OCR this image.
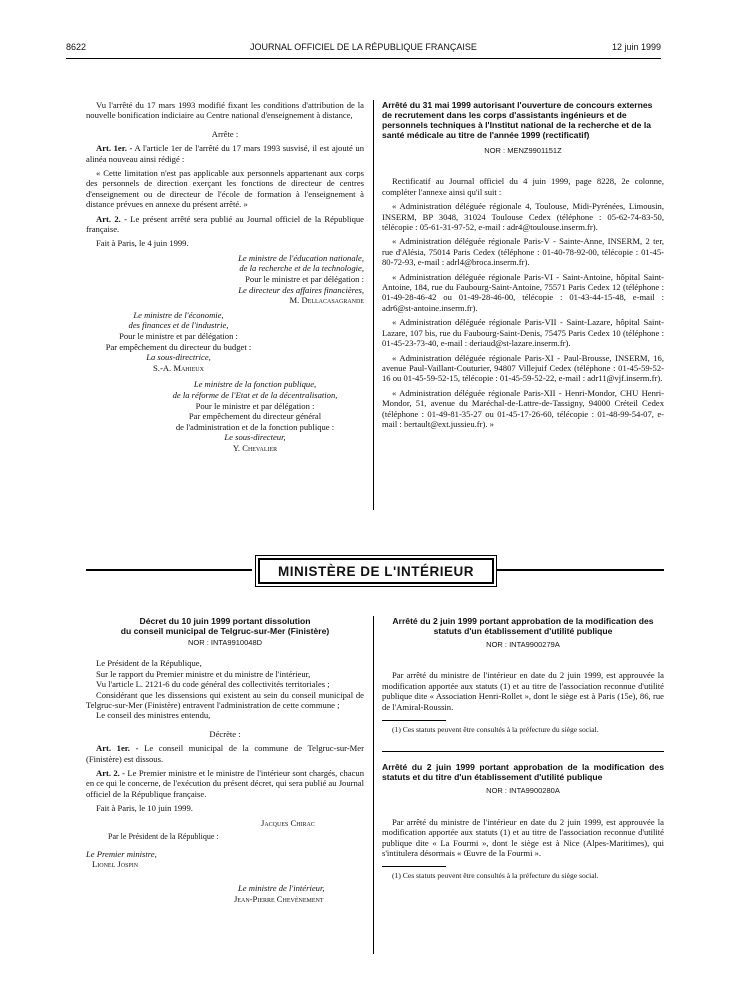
8622	JOURNAL OFFICIEL DE LA RÉPUBLIQUE FRANÇAISE	12 juin 1999

Vu l'arrêté du 17 mars 1993 modifié fixant les conditions d'attribution de la nouvelle bonification indiciaire au Centre national d'enseignement à distance,

Arrête :

Art. 1er. - A l'article 1er de l'arrêté du 17 mars 1993 susvisé, il est ajouté un alinéa nouveau ainsi rédigé :

« Cette limitation n'est pas applicable aux personnels appartenant aux corps des personnels de direction exerçant les fonctions de directeur de centres d'enseignement ou de directeur de l'école de formation à l'enseignement à distance prévues en annexe du présent arrêté. »

Art. 2. - Le présent arrêté sera publié au Journal officiel de la République française.

Fait à Paris, le 4 juin 1999.

Le ministre de l'éducation nationale,
de la recherche et de la technologie,
Pour le ministre et par délégation :
Le directeur des affaires financières,
M. Dellacasagrande
Le ministre de l'économie,
des finances et de l'industrie,
Pour le ministre et par délégation :
Par empêchement du directeur du budget :
La sous-directrice,
S.-A. Mahieux
Le ministre de la fonction publique,
de la réforme de l'Etat et de la décentralisation,
Pour le ministre et par délégation :
Par empêchement du directeur général
de l'administration et de la fonction publique :
Le sous-directeur,
Y. Chevalier
Arrêté du 31 mai 1999 autorisant l'ouverture de concours externes de recrutement dans les corps d'assistants ingénieurs et de personnels techniques à l'Institut national de la recherche et de la santé médicale au titre de l'année 1999 (rectificatif)
NOR : MENZ9901151Z

Rectificatif au Journal officiel du 4 juin 1999, page 8228, 2e colonne, compléter l'annexe ainsi qu'il suit :

« Administration déléguée régionale 4, Toulouse, Midi-Pyrénées, Limousin, INSERM, BP 3048, 31024 Toulouse Cedex (téléphone : 05-62-74-83-50, télécopie : 05-61-31-97-52, e-mail : adr4@toulouse.inserm.fr).

« Administration déléguée régionale Paris-V - Sainte-Anne, INSERM, 2 ter, rue d'Alésia, 75014 Paris Cedex (téléphone : 01-40-78-92-00, télécopie : 01-45-80-72-93, e-mail : adrl4@broca.inserm.fr).

« Administration déléguée régionale Paris-VI - Saint-Antoine, hôpital Saint-Antoine, 184, rue du Faubourg-Saint-Antoine, 75571 Paris Cedex 12 (téléphone : 01-49-28-46-42 ou 01-49-28-46-00, télécopie : 01-43-44-15-48, e-mail : adr6@st-antoine.inserm.fr).

« Administration déléguée régionale Paris-VII - Saint-Lazare, hôpital Saint-Lazare, 107 bis, rue du Faubourg-Saint-Denis, 75475 Paris Cedex 10 (téléphone : 01-45-23-73-40, e-mail : deriaud@st-lazare.inserm.fr).

« Administration déléguée régionale Paris-XI - Paul-Brousse, INSERM, 16, avenue Paul-Vaillant-Couturier, 94807 Villejuif Cedex (téléphone : 01-45-59-52-16 ou 01-45-59-52-15, télécopie : 01-45-59-52-22, e-mail : adr11@vjf.inserm.fr).

« Administration déléguée régionale Paris-XII - Henri-Mondor, CHU Henri-Mondor, 51, avenue du Maréchal-de-Lattre-de-Tassigny, 94000 Créteil Cedex (téléphone : 01-49-81-35-27 ou 01-45-17-26-60, télécopie : 01-48-99-54-07, e-mail : bertault@ext.jussieu.fr). »

MINISTÈRE DE L'INTÉRIEUR
Décret du 10 juin 1999 portant dissolution
du conseil municipal de Telgruc-sur-Mer (Finistère)
NOR : INTA9910048D

Le Président de la République,

Sur le rapport du Premier ministre et du ministre de l'intérieur,

Vu l'article L. 2121-6 du code général des collectivités territoriales ;

Considérant que les dissensions qui existent au sein du conseil municipal de Telgruc-sur-Mer (Finistère) entravent l'administration de cette commune ;

Le conseil des ministres entendu,

Décrète :

Art. 1er. - Le conseil municipal de la commune de Telgruc-sur-Mer (Finistère) est dissous.

Art. 2. - Le Premier ministre et le ministre de l'intérieur sont chargés, chacun en ce qui le concerne, de l'exécution du présent décret, qui sera publié au Journal officiel de la République française.

Fait à Paris, le 10 juin 1999.

Jacques Chirac
Par le Président de la République :
Le Premier ministre,
Lionel Jospin
Le ministre de l'intérieur,
Jean-Pierre Chevènement
Arrêté du 2 juin 1999 portant approbation de la modification des statuts d'un établissement d'utilité publique
NOR : INTA9900279A

Par arrêté du ministre de l'intérieur en date du 2 juin 1999, est approuvée la modification apportée aux statuts (1) et au titre de l'association reconnue d'utilité publique dite « Association Henri-Rollet », dont le siège est à Paris (15e), 86, rue de l'Amiral-Roussin.

(1) Ces statuts peuvent être consultés à la préfecture du siège social.

Arrêté du 2 juin 1999 portant approbation de la modification des statuts et du titre d'un établissement d'utilité publique
NOR : INTA9900280A

Par arrêté du ministre de l'intérieur en date du 2 juin 1999, est approuvée la modification apportée aux statuts (1) et au titre de l'association reconnue d'utilité publique dite « La Fourmi », dont le siège est à Nice (Alpes-Maritimes), qui s'intitulera désormais « Œuvre de la Fourmi ».

(1) Ces statuts peuvent être consultés à la préfecture du siège social.
